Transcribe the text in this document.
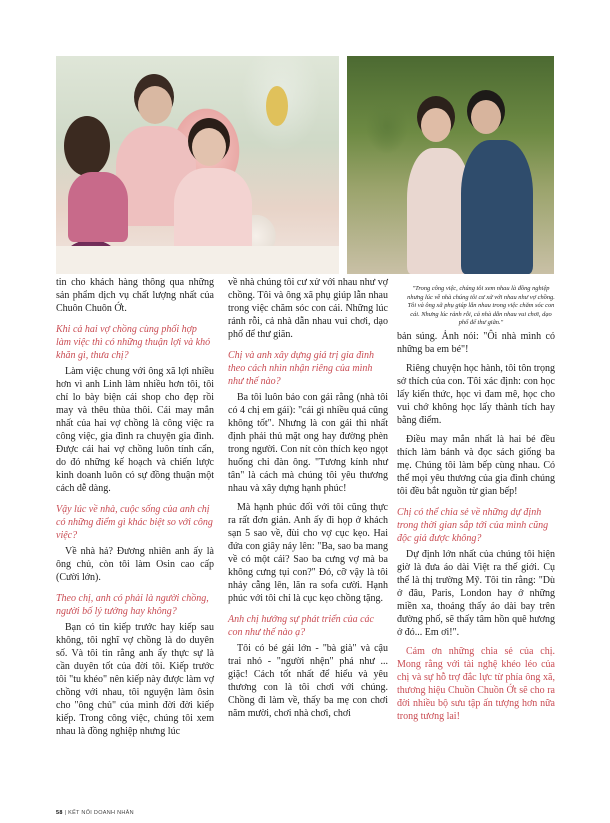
"Trong công việc, chúng tôi xem nhau là đồng nghiệp nhưng lúc về nhà chúng tôi cư xử với nhau như vợ chồng. Tôi và ông xã phụ giúp lẫn nhau trong việc chăm sóc con cái. Nhưng lúc rảnh rỗi, cả nhà dẫn nhau vui chơi, dạo phố để thư giãn."

tin cho khách hàng thông qua những sản phẩm dịch vụ chất lượng nhất của Chuôn Chuôn Ớt.

Khi cả hai vợ chồng cùng phối hợp làm việc thì có những thuận lợi và khó khăn gì, thưa chị?

Làm việc chung với ông xã lợi nhiều hơn vì anh Linh làm nhiều hơn tôi, tôi chỉ lo bày biện cái shop cho đẹp rồi may và thêu thùa thôi. Cái may mắn nhất của hai vợ chồng là công việc ra công việc, gia đình ra chuyện gia đình. Được cái hai vợ chồng luôn tính cẩn, do đó những kế hoạch và chiến lược kinh doanh luôn có sự đồng thuận một cách dễ dàng.

Vậy lúc về nhà, cuộc sống của anh chị có những điểm gì khác biệt so với công việc?

Về nhà hả? Đương nhiên anh ấy là ông chủ, còn tôi làm Osin cao cấp (Cười lớn).

Theo chị, anh có phải là người chồng, người bố lý tưởng hay không?

Bạn có tin kiếp trước hay kiếp sau không, tôi nghĩ vợ chồng là do duyên số. Và tôi tin rằng anh ấy thực sự là cần duyên tốt của đời tôi. Kiếp trước tôi "tu khéo" nên kiếp này được làm vợ chồng với nhau, tôi nguyện làm ôsin cho "ông chủ" của mình đời đời kiếp kiếp. Trong công việc, chúng tôi xem nhau là đồng nghiệp nhưng lúc

về nhà chúng tôi cư xử với nhau như vợ chồng. Tôi và ông xã phụ giúp lẫn nhau trong việc chăm sóc con cái. Những lúc rảnh rỗi, cả nhà dẫn nhau vui chơi, dạo phố để thư giãn.

Chị và anh xây dựng giá trị gia đình theo cách nhìn nhận riêng của mình như thế nào?

Ba tôi luôn bảo con gái rằng (nhà tôi có 4 chị em gái): "cái gì nhiều quá cũng không tốt". Nhưng là con gái thì nhất định phải thủ mặt ong hay đường phèn trong người. Con nít còn thích kẹo ngọt huống chi đàn ông. "Tương kính như tân" là cách mà chúng tôi yêu thương nhau và xây dựng hạnh phúc!

Mà hạnh phúc đối với tôi cũng thực ra rất đơn giản. Anh ấy đi họp ở khách sạn 5 sao về, đùi cho vợ cục kẹo. Hai đứa con giây náy lên: "Ba, sao ba mang về có một cái? Sao ba cưng vợ mà ba không cưng tụi con?" Đó, cỡ vậy là tôi nhảy cẫng lên, lăn ra sofa cười. Hạnh phúc với tôi chỉ là cục kẹo chồng tặng.

Anh chị hướng sự phát triển của các con như thế nào ạ?

Tôi có bé gái lớn - "bà già" và cậu trai nhỏ - "người nhện" phá như ... giặc! Cách tốt nhất để hiểu và yêu thương con là tôi chơi với chúng. Chồng đi làm về, thấy ba mẹ con chơi năm mười, chơi nhà chơi, chơi

bản súng. Ảnh nói: "Ôi nhà mình có những ba em bé"!

Riêng chuyện học hành, tôi tôn trọng sở thích của con. Tôi xác định: con học lấy kiến thức, học vì đam mê, học cho vui chớ không học lấy thành tích hay bằng điểm.

Điều may mắn nhất là hai bé đều thích làm bánh và đọc sách giống ba mẹ. Chúng tôi làm bếp cùng nhau. Có thể mọi yêu thương của gia đình chúng tôi đều bắt nguồn từ gian bếp!

Chị có thể chia sẻ về những dự định trong thời gian sắp tới của mình cũng độc giả được không?

Dự định lớn nhất của chúng tôi hiện giờ là đưa áo dài Việt ra thế giới. Cụ thể là thị trường Mỹ. Tôi tin rằng: "Dù ở đâu, Paris, London hay ở những miền xa, thoáng thấy áo dài bay trên đường phố, sẽ thấy tâm hồn quê hương ở đó... Em ơi!".

Cảm ơn những chia sẻ của chị. Mong rằng với tài nghệ khéo léo của chị và sự hỗ trợ đắc lực từ phía ông xã, thương hiệu Chuồn Chuồn Ớt sẽ cho ra đời nhiều bộ sưu tập ấn tượng hơn nữa trong tương lai!

58 | KẾT NỐI DOANH NHÂN
